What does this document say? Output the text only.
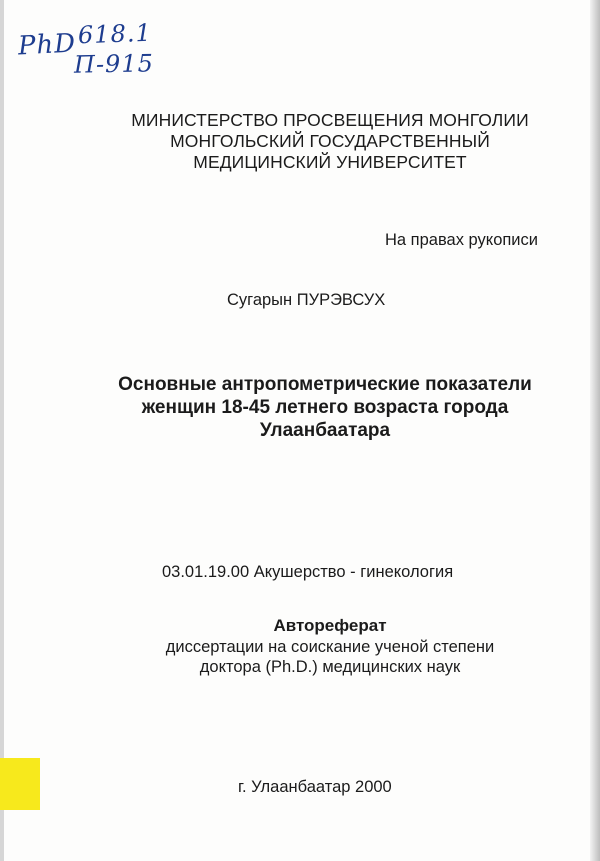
PhD 618.1
П-915
МИНИСТЕРСТВО ПРОСВЕЩЕНИЯ МОНГОЛИИ
МОНГОЛЬСКИЙ ГОСУДАРСТВЕННЫЙ
МЕДИЦИНСКИЙ УНИВЕРСИТЕТ
На правах рукописи
Сугарын ПУРЭВСУХ
Основные антропометрические показатели
женщин 18-45 летнего возраста города
Улаанбаатара
03.01.19.00 Акушерство - гинекология
Автореферат
диссертации на соискание ученой степени
доктора (Ph.D.) медицинских наук
г. Улаанбаатар 2000
